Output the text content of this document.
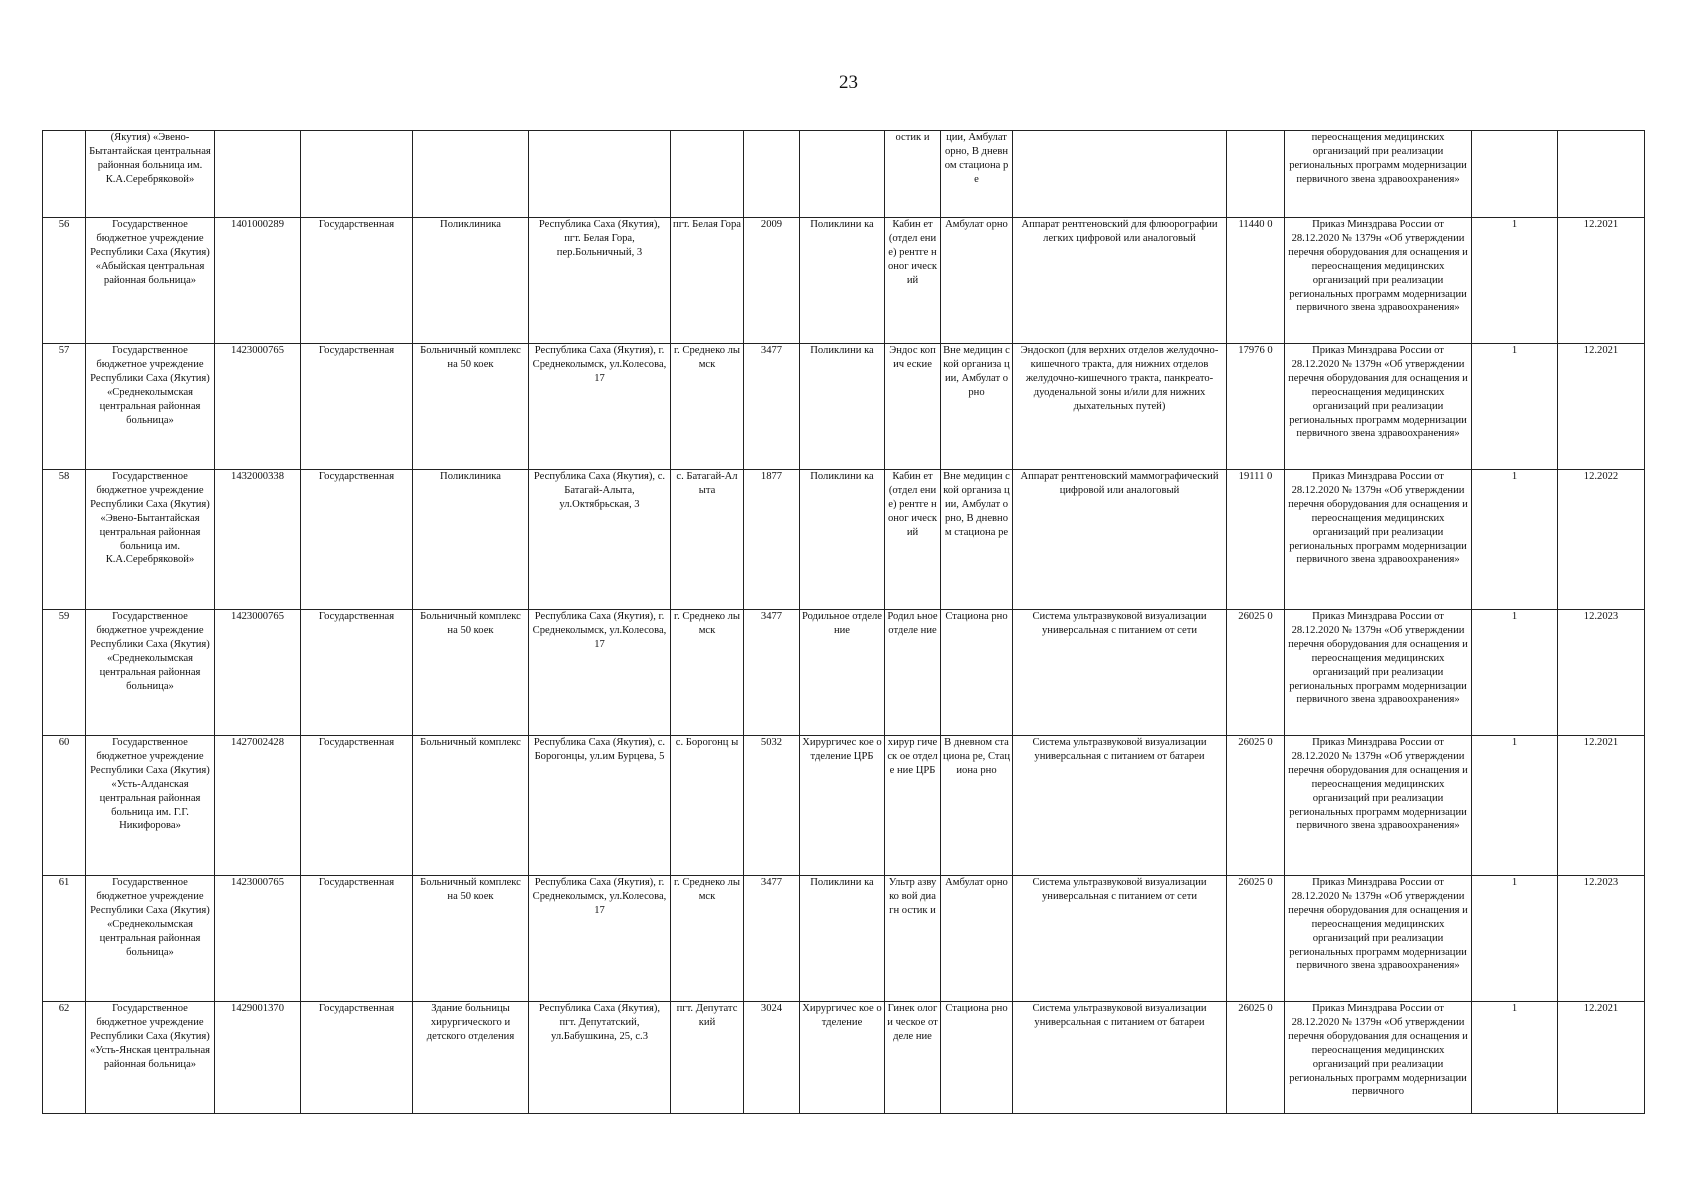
23
	(Якутия) «Эвено-Бытантайская центральная районная больница им. К.А.Серебряковой»								остик и	ции, Амбулат орно, В дневном стациона ре			переоснащения медицинских организаций при реализации региональных программ модернизации первичного звена здравоохранения»		
56	Государственное бюджетное учреждение Республики Саха (Якутия) «Абыйская центральная районная больница»	1401000289	Государственная	Поликлиника	Республика Саха (Якутия), пгт. Белая Гора, пер.Больничный, 3	пгт. Белая Гора	2009	Поликлини ка	Кабин ет (отдел ение) рентге ноног ическ ий	Амбулат орно	Аппарат рентгеновский для флюорографии легких цифровой или аналоговый	11440 0	Приказ Минздрава России от 28.12.2020 № 1379н «Об утверждении перечня оборудования для оснащения и переоснащения медицинских организаций при реализации региональных программ модернизации первичного звена здравоохранения»	1	12.2021
57	Государственное бюджетное учреждение Республики Саха (Якутия) «Среднеколымская центральная районная больница»	1423000765	Государственная	Больничный комплекс на 50 коек	Республика Саха (Якутия), г. Среднеколымск, ул.Колесова, 17	г. Среднеко лымск	3477	Поликлини ка	Эндос копич еские	Вне медицин ской организа ции, Амбулат орно	Эндоскоп (для верхних отделов желудочно-кишечного тракта, для нижних отделов желудочно-кишечного тракта, панкреато-дуоденальной зоны и/или для нижних дыхательных путей)	17976 0	Приказ Минздрава России от 28.12.2020 № 1379н «Об утверждении перечня оборудования для оснащения и переоснащения медицинских организаций при реализации региональных программ модернизации первичного звена здравоохранения»	1	12.2021
58	Государственное бюджетное учреждение Республики Саха (Якутия) «Эвено-Бытантайская центральная районная больница им. К.А.Серебряковой»	1432000338	Государственная	Поликлиника	Республика Саха (Якутия), с. Батагай-Алыта, ул.Октябрьская, 3	с. Батагай-Алыта	1877	Поликлини ка	Кабин ет (отдел ение) рентге ноног ическ ий	Вне медицин ской организа ции, Амбулат орно, В дневном стациона ре	Аппарат рентгеновский маммографический цифровой или аналоговый	19111 0	Приказ Минздрава России от 28.12.2020 № 1379н «Об утверждении перечня оборудования для оснащения и переоснащения медицинских организаций при реализации региональных программ модернизации первичного звена здравоохранения»	1	12.2022
59	Государственное бюджетное учреждение Республики Саха (Якутия) «Среднеколымская центральная районная больница»	1423000765	Государственная	Больничный комплекс на 50 коек	Республика Саха (Якутия), г. Среднеколымск, ул.Колесова, 17	г. Среднеко лымск	3477	Родильное отделение	Родил ьное отделе ние	Стациона рно	Система ультразвуковой визуализации универсальная с питанием от сети	26025 0	Приказ Минздрава России от 28.12.2020 № 1379н «Об утверждении перечня оборудования для оснащения и переоснащения медицинских организаций при реализации региональных программ модернизации первичного звена здравоохранения»	1	12.2023
60	Государственное бюджетное учреждение Республики Саха (Якутия) «Усть-Алданская центральная районная больница им. Г.Г. Никифорова»	1427002428	Государственная	Больничный комплекс	Республика Саха (Якутия), с. Борогонцы, ул.им Бурцева, 5	с. Борогонц ы	5032	Хирургичес кое отделение ЦРБ	хирур гическ ое отделе ние ЦРБ	В дневном стациона ре, Стациона рно	Система ультразвуковой визуализации универсальная с питанием от батареи	26025 0	Приказ Минздрава России от 28.12.2020 № 1379н «Об утверждении перечня оборудования для оснащения и переоснащения медицинских организаций при реализации региональных программ модернизации первичного звена здравоохранения»	1	12.2021
61	Государственное бюджетное учреждение Республики Саха (Якутия) «Среднеколымская центральная районная больница»	1423000765	Государственная	Больничный комплекс на 50 коек	Республика Саха (Якутия), г. Среднеколымск, ул.Колесова, 17	г. Среднеко лымск	3477	Поликлини ка	Ультр азвуко вой диагн остик и	Амбулат орно	Система ультразвуковой визуализации универсальная с питанием от сети	26025 0	Приказ Минздрава России от 28.12.2020 № 1379н «Об утверждении перечня оборудования для оснащения и переоснащения медицинских организаций при реализации региональных программ модернизации первичного звена здравоохранения»	1	12.2023
62	Государственное бюджетное учреждение Республики Саха (Якутия) «Усть-Янская центральная районная больница»	1429001370	Государственная	Здание больницы хирургического и детского отделения	Республика Саха (Якутия), пгт. Депутатский, ул.Бабушкина, 25, с.3	пгт. Депутатс кий	3024	Хирургичес кое отделение	Гинек ологи ческое отделе ние	Стациона рно	Система ультразвуковой визуализации универсальная с питанием от батареи	26025 0	Приказ Минздрава России от 28.12.2020 № 1379н «Об утверждении перечня оборудования для оснащения и переоснащения медицинских организаций при реализации региональных программ модернизации первичного	1	12.2021
